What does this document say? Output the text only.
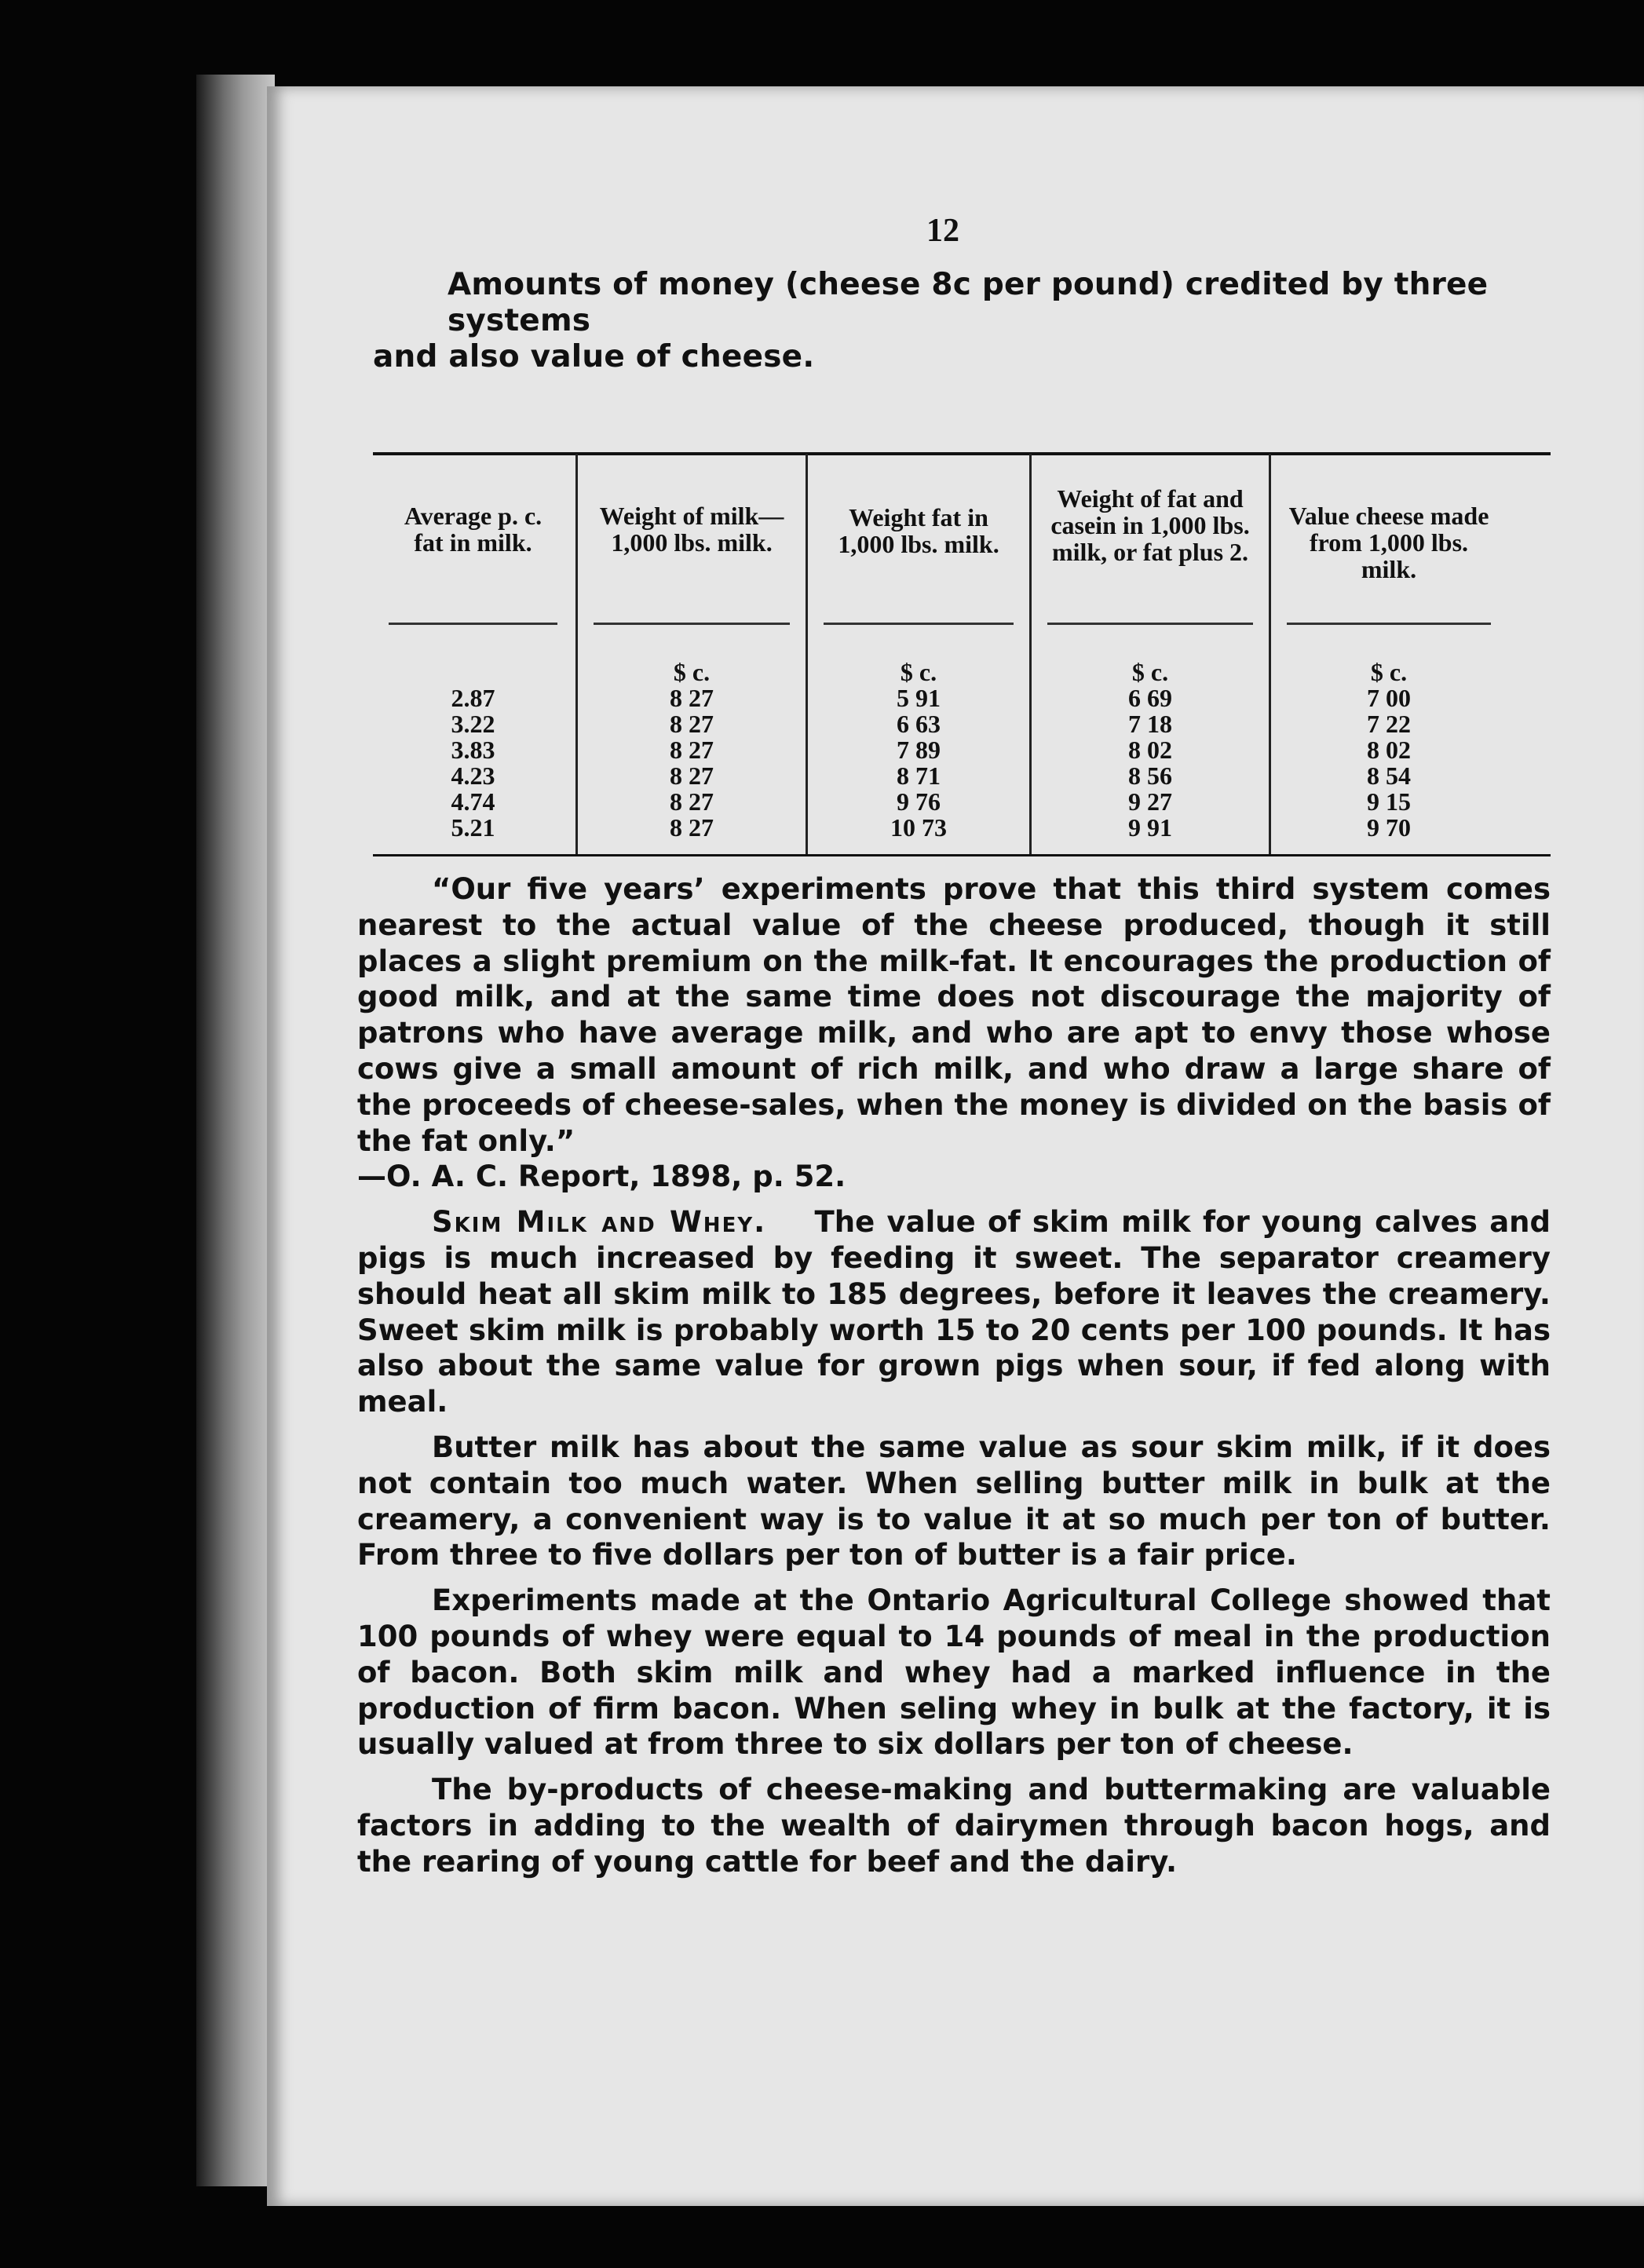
12
Amounts of money (cheese 8c per pound) credited by three systems
and also value of cheese.
Average p. c. fat in milk.
2.87
3.22
3.83
4.23
4.74
5.21
Weight of milk— 1,000 lbs. milk.
$ c.
8 27
8 27
8 27
8 27
8 27
8 27
Weight fat in 1,000 lbs. milk.
$ c.
5 91
6 63
7 89
8 71
9 76
10 73
Weight of fat and casein in 1,000 lbs. milk, or fat plus 2.
$ c.
6 69
7 18
8 02
8 56
9 27
9 91
Value cheese made from 1,000 lbs. milk.
$ c.
7 00
7 22
8 02
8 54
9 15
9 70

“Our five years’ experiments prove that this third system comes nearest to the actual value of the cheese produced, though it still places a slight premium on the milk-fat. It encourages the production of good milk, and at the same time does not discourage the majority of patrons who have average milk, and who are apt to envy those whose cows give a small amount of rich milk, and who draw a large share of the proceeds of cheese-sales, when the money is divided on the basis of the fat only.”

—O. A. C. Report, 1898, p. 52.

Skim Milk and Whey. The value of skim milk for young calves and pigs is much increased by feeding it sweet. The separator creamery should heat all skim milk to 185 degrees, before it leaves the creamery. Sweet skim milk is probably worth 15 to 20 cents per 100 pounds. It has also about the same value for grown pigs when sour, if fed along with meal.

Butter milk has about the same value as sour skim milk, if it does not contain too much water. When selling butter milk in bulk at the creamery, a convenient way is to value it at so much per ton of butter. From three to five dollars per ton of butter is a fair price.

Experiments made at the Ontario Agricultural College showed that 100 pounds of whey were equal to 14 pounds of meal in the production of bacon. Both skim milk and whey had a marked influence in the production of firm bacon. When seling whey in bulk at the factory, it is usually valued at from three to six dollars per ton of cheese.

The by-products of cheese-making and buttermaking are valuable factors in adding to the wealth of dairymen through bacon hogs, and the rearing of young cattle for beef and the dairy.
